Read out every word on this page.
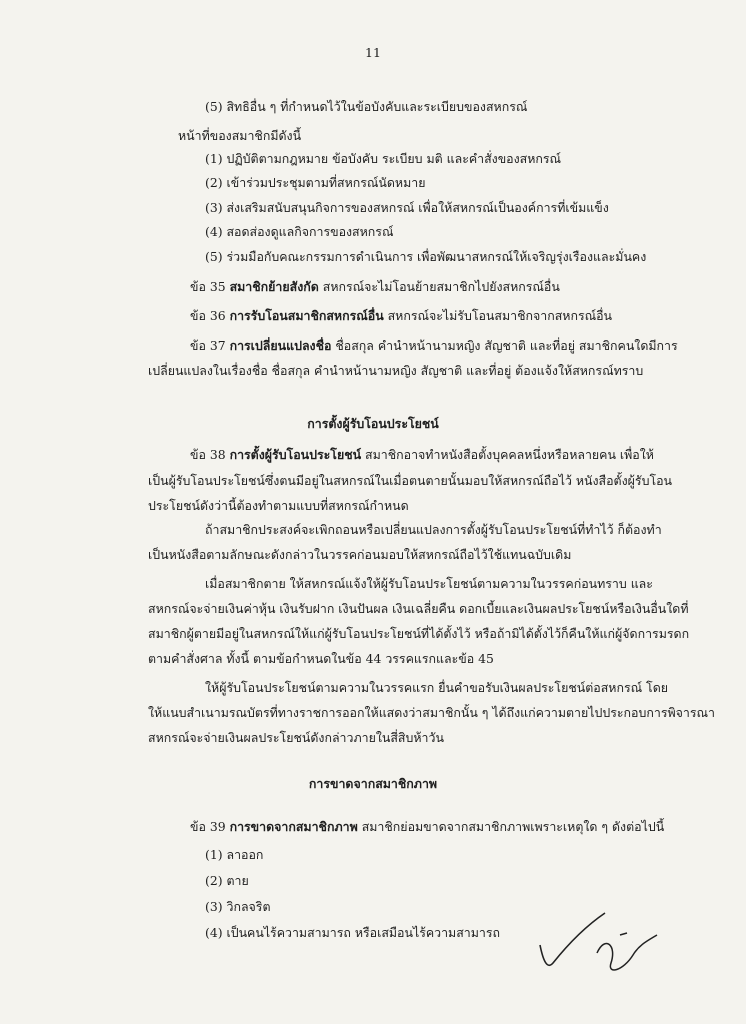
11
(5) สิทธิอื่น ๆ ที่กำหนดไว้ในข้อบังคับและระเบียบของสหกรณ์
หน้าที่ของสมาชิกมีดังนี้
(1) ปฏิบัติตามกฎหมาย ข้อบังคับ ระเบียบ มติ และคำสั่งของสหกรณ์
(2) เข้าร่วมประชุมตามที่สหกรณ์นัดหมาย
(3) ส่งเสริมสนับสนุนกิจการของสหกรณ์ เพื่อให้สหกรณ์เป็นองค์การที่เข้มแข็ง
(4) สอดส่องดูแลกิจการของสหกรณ์
(5) ร่วมมือกับคณะกรรมการดำเนินการ เพื่อพัฒนาสหกรณ์ให้เจริญรุ่งเรืองและมั่นคง
ข้อ 35 สมาชิกย้ายสังกัด สหกรณ์จะไม่โอนย้ายสมาชิกไปยังสหกรณ์อื่น
ข้อ 36 การรับโอนสมาชิกสหกรณ์อื่น สหกรณ์จะไม่รับโอนสมาชิกจากสหกรณ์อื่น
ข้อ 37 การเปลี่ยนแปลงชื่อ ชื่อสกุล คำนำหน้านามหญิง สัญชาติ และที่อยู่ สมาชิกคนใดมีการ
เปลี่ยนแปลงในเรื่องชื่อ ชื่อสกุล คำนำหน้านามหญิง สัญชาติ และที่อยู่ ต้องแจ้งให้สหกรณ์ทราบ
การตั้งผู้รับโอนประโยชน์
ข้อ 38 การตั้งผู้รับโอนประโยชน์ สมาชิกอาจทำหนังสือตั้งบุคคลหนึ่งหรือหลายคน เพื่อให้
เป็นผู้รับโอนประโยชน์ซึ่งตนมีอยู่ในสหกรณ์ในเมื่อตนตายนั้นมอบให้สหกรณ์ถือไว้ หนังสือตั้งผู้รับโอน
ประโยชน์ดังว่านี้ต้องทำตามแบบที่สหกรณ์กำหนด
ถ้าสมาชิกประสงค์จะเพิกถอนหรือเปลี่ยนแปลงการตั้งผู้รับโอนประโยชน์ที่ทำไว้ ก็ต้องทำ
เป็นหนังสือตามลักษณะดังกล่าวในวรรคก่อนมอบให้สหกรณ์ถือไว้ใช้แทนฉบับเดิม
เมื่อสมาชิกตาย ให้สหกรณ์แจ้งให้ผู้รับโอนประโยชน์ตามความในวรรคก่อนทราบ และ
สหกรณ์จะจ่ายเงินค่าหุ้น เงินรับฝาก เงินปันผล เงินเฉลี่ยคืน ดอกเบี้ยและเงินผลประโยชน์หรือเงินอื่นใดที่
สมาชิกผู้ตายมีอยู่ในสหกรณ์ให้แก่ผู้รับโอนประโยชน์ที่ได้ตั้งไว้ หรือถ้ามิได้ตั้งไว้ก็คืนให้แก่ผู้จัดการมรดก
ตามคำสั่งศาล ทั้งนี้ ตามข้อกำหนดในข้อ 44 วรรคแรกและข้อ 45
ให้ผู้รับโอนประโยชน์ตามความในวรรคแรก ยื่นคำขอรับเงินผลประโยชน์ต่อสหกรณ์ โดย
ให้แนบสำเนามรณบัตรที่ทางราชการออกให้แสดงว่าสมาชิกนั้น ๆ ได้ถึงแก่ความตายไปประกอบการพิจารณา
สหกรณ์จะจ่ายเงินผลประโยชน์ดังกล่าวภายในสี่สิบห้าวัน
การขาดจากสมาชิกภาพ
ข้อ 39 การขาดจากสมาชิกภาพ สมาชิกย่อมขาดจากสมาชิกภาพเพราะเหตุใด ๆ ดังต่อไปนี้
(1) ลาออก
(2) ตาย
(3) วิกลจริต
(4) เป็นคนไร้ความสามารถ หรือเสมือนไร้ความสามารถ
